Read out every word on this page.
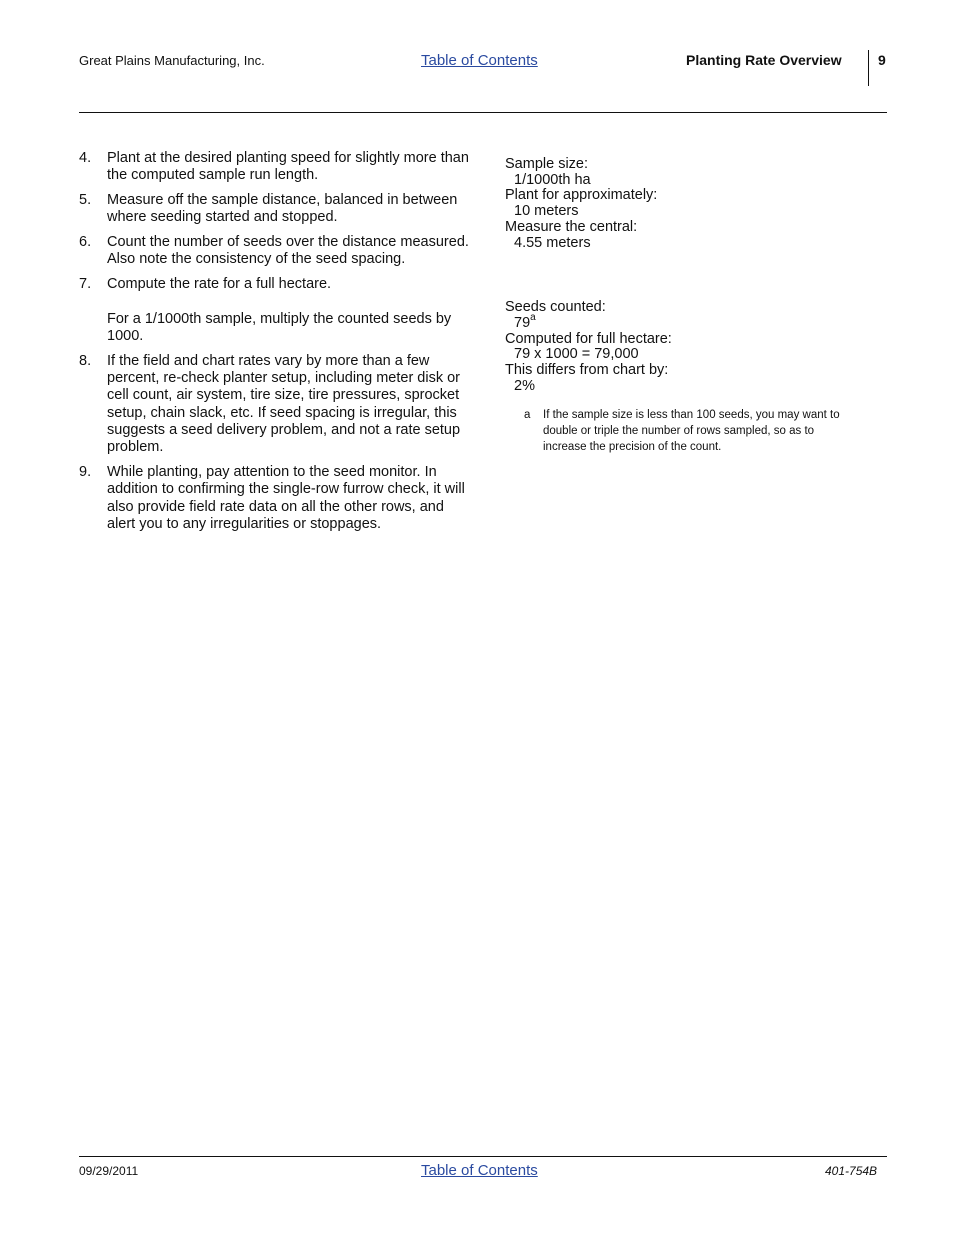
Great Plains Manufacturing, Inc.	Table of Contents	Planting Rate Overview	9
4.	Plant at the desired planting speed for slightly more than the computed sample run length.
5.	Measure off the sample distance, balanced in between where seeding started and stopped.
6.	Count the number of seeds over the distance measured. Also note the consistency of the seed spacing.
7.	Compute the rate for a full hectare.
For a 1/1000th sample, multiply the counted seeds by 1000.
8.	If the field and chart rates vary by more than a few percent, re-check planter setup, including meter disk or cell count, air system, tire size, tire pressures, sprocket setup, chain slack, etc. If seed spacing is irregular, this suggests a seed delivery problem, and not a rate setup problem.
9.	While planting, pay attention to the seed monitor. In addition to confirming the single-row furrow check, it will also provide field rate data on all the other rows, and alert you to any irregularities or stoppages.
Sample size:
1/1000th ha
Plant for approximately:
10 meters
Measure the central:
4.55 meters
Seeds counted:
79$^a$
Computed for full hectare:
79 x 1000 = 79,000
This differs from chart by:
2%
a	If the sample size is less than 100 seeds, you may want to double or triple the number of rows sampled, so as to increase the precision of the count.
09/29/2011	Table of Contents	401-754B
